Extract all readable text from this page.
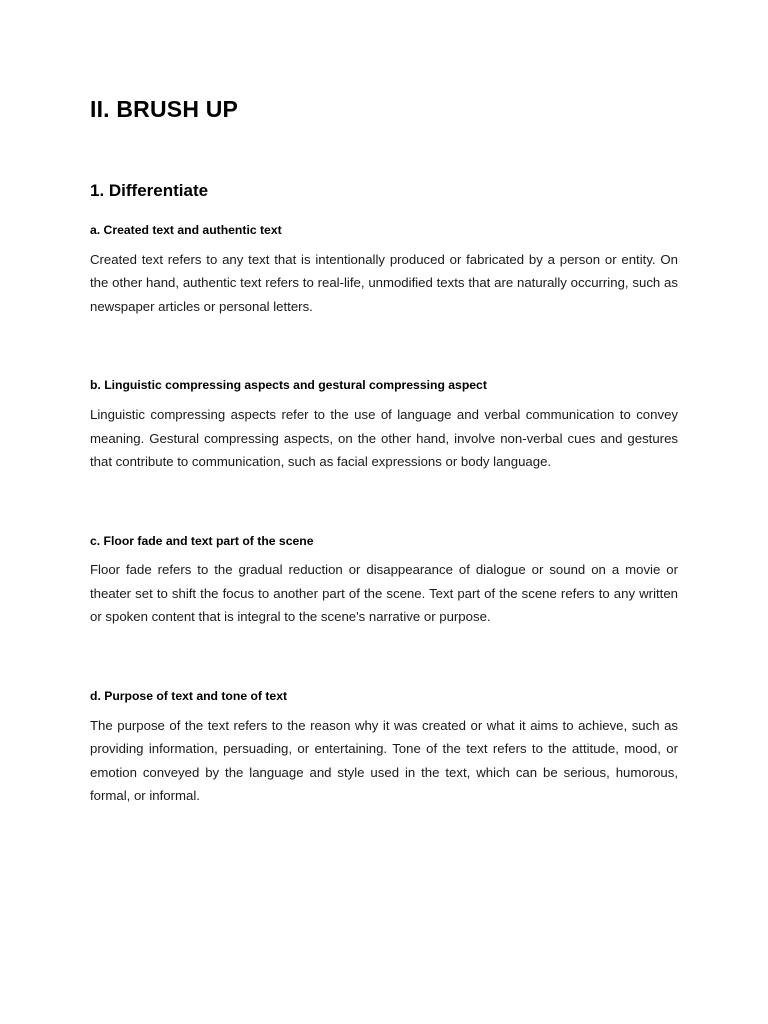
II. BRUSH UP
1. Differentiate
a. Created text and authentic text

Created text refers to any text that is intentionally produced or fabricated by a person or entity. On the other hand, authentic text refers to real-life, unmodified texts that are naturally occurring, such as newspaper articles or personal letters.

b. Linguistic compressing aspects and gestural compressing aspect

Linguistic compressing aspects refer to the use of language and verbal communication to convey meaning. Gestural compressing aspects, on the other hand, involve non-verbal cues and gestures that contribute to communication, such as facial expressions or body language.

c. Floor fade and text part of the scene

Floor fade refers to the gradual reduction or disappearance of dialogue or sound on a movie or theater set to shift the focus to another part of the scene. Text part of the scene refers to any written or spoken content that is integral to the scene's narrative or purpose.

d. Purpose of text and tone of text

The purpose of the text refers to the reason why it was created or what it aims to achieve, such as providing information, persuading, or entertaining. Tone of the text refers to the attitude, mood, or emotion conveyed by the language and style used in the text, which can be serious, humorous, formal, or informal.
